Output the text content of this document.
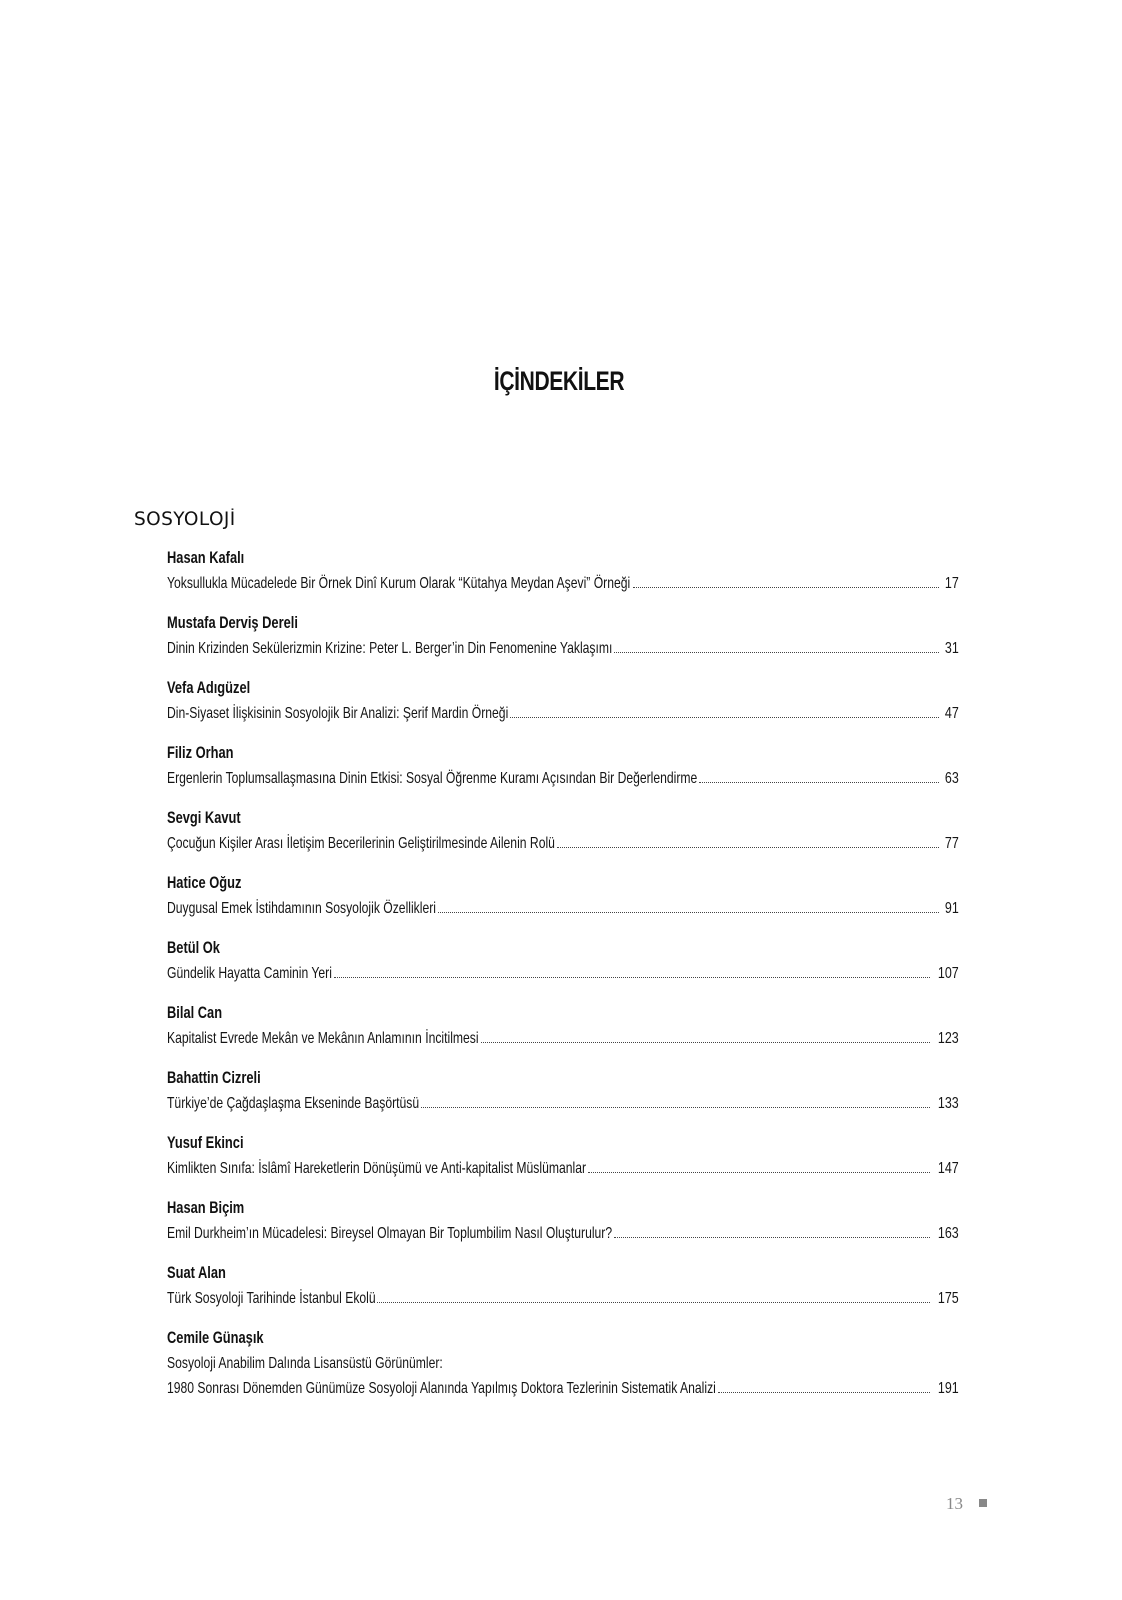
İÇİNDEKİLER
SOSYOLOJİ
Hasan Kafalı
Yoksullukla Mücadelede Bir Örnek Dinî Kurum Olarak “Kütahya Meydan Aşevi” Örneği	17
Mustafa Derviş Dereli
Dinin Krizinden Sekülerizmin Krizine: Peter L. Berger’in Din Fenomenine Yaklaşımı	31
Vefa Adıgüzel
Din-Siyaset İlişkisinin Sosyolojik Bir Analizi: Şerif Mardin Örneği	47
Filiz Orhan
Ergenlerin Toplumsallaşmasına Dinin Etkisi: Sosyal Öğrenme Kuramı Açısından Bir Değerlendirme	63
Sevgi Kavut
Çocuğun Kişiler Arası İletişim Becerilerinin Geliştirilmesinde Ailenin Rolü	77
Hatice Oğuz
Duygusal Emek İstihdamının Sosyolojik Özellikleri	91
Betül Ok
Gündelik Hayatta Caminin Yeri	107
Bilal Can
Kapitalist Evrede Mekân ve Mekânın Anlamının İncitilmesi	123
Bahattin Cizreli
Türkiye’de Çağdaşlaşma Ekseninde Başörtüsü	133
Yusuf Ekinci
Kimlikten Sınıfa: İslâmî Hareketlerin Dönüşümü ve Anti-kapitalist Müslümanlar	147
Hasan Biçim
Emil Durkheim’ın Mücadelesi: Bireysel Olmayan Bir Toplumbilim Nasıl Oluşturulur?	163
Suat Alan
Türk Sosyoloji Tarihinde İstanbul Ekolü	175
Cemile Günaşık
Sosyoloji Anabilim Dalında Lisansüstü Görünümler:
1980 Sonrası Dönemden Günümüze Sosyoloji Alanında Yapılmış Doktora Tezlerinin Sistematik Analizi	191
13
